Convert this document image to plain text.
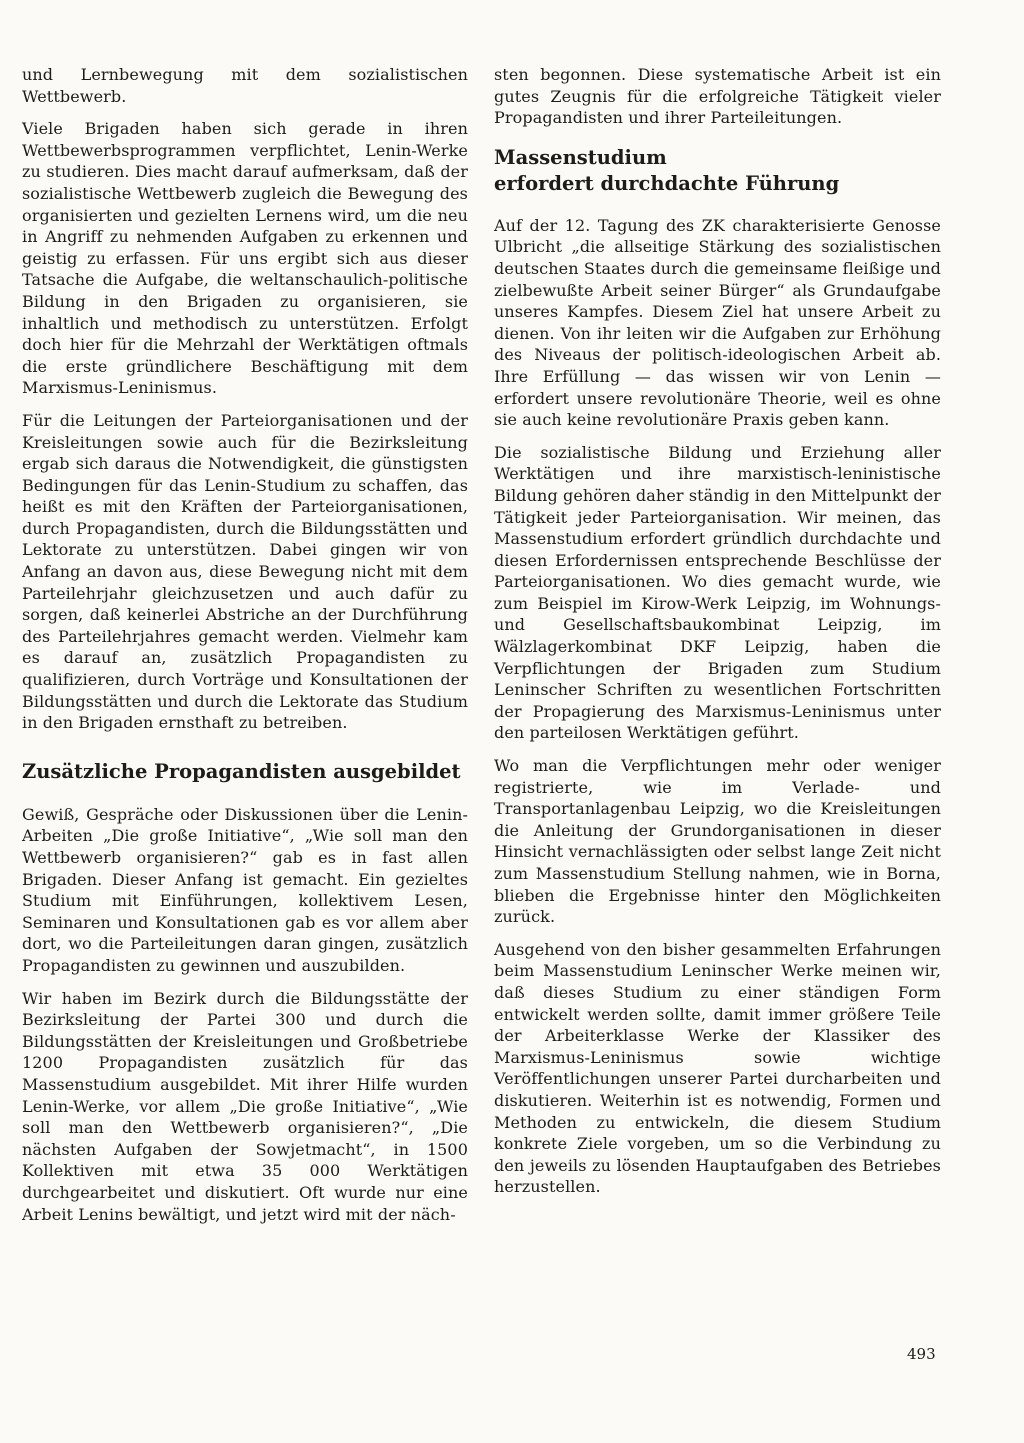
und Lernbewegung mit dem sozialistischen Wettbewerb.

Viele Brigaden haben sich gerade in ihren Wettbewerbsprogrammen verpflichtet, Lenin-Werke zu studieren. Dies macht darauf aufmerksam, daß der sozialistische Wettbewerb zugleich die Bewegung des organisierten und gezielten Lernens wird, um die neu in Angriff zu nehmenden Aufgaben zu erkennen und geistig zu erfassen. Für uns ergibt sich aus dieser Tatsache die Aufgabe, die weltanschaulich-politische Bildung in den Brigaden zu organisieren, sie inhaltlich und methodisch zu unterstützen. Erfolgt doch hier für die Mehrzahl der Werktätigen oftmals die erste gründlichere Beschäftigung mit dem Marxismus-Leninismus.

Für die Leitungen der Parteiorganisationen und der Kreisleitungen sowie auch für die Bezirksleitung ergab sich daraus die Notwendigkeit, die günstigsten Bedingungen für das Lenin-Studium zu schaffen, das heißt es mit den Kräften der Parteiorganisationen, durch Propagandisten, durch die Bildungsstätten und Lektorate zu unterstützen. Dabei gingen wir von Anfang an davon aus, diese Bewegung nicht mit dem Parteilehrjahr gleichzusetzen und auch dafür zu sorgen, daß keinerlei Abstriche an der Durchführung des Parteilehrjahres gemacht werden. Vielmehr kam es darauf an, zusätzlich Propagandisten zu qualifizieren, durch Vorträge und Konsultationen der Bildungsstätten und durch die Lektorate das Studium in den Brigaden ernsthaft zu betreiben.

Zusätzliche Propagandisten ausgebildet

Gewiß, Gespräche oder Diskussionen über die Lenin-Arbeiten „Die große Initiative“, „Wie soll man den Wettbewerb organisieren?“ gab es in fast allen Brigaden. Dieser Anfang ist gemacht. Ein gezieltes Studium mit Einführungen, kollektivem Lesen, Seminaren und Konsultationen gab es vor allem aber dort, wo die Parteileitungen daran gingen, zusätzlich Propagandisten zu gewinnen und auszubilden.

Wir haben im Bezirk durch die Bildungsstätte der Bezirksleitung der Partei 300 und durch die Bildungsstätten der Kreisleitungen und Großbetriebe 1200 Propagandisten zusätzlich für das Massenstudium ausgebildet. Mit ihrer Hilfe wurden Lenin-Werke, vor allem „Die große Initiative“, „Wie soll man den Wettbewerb organisieren?“, „Die nächsten Aufgaben der Sowjetmacht“, in 1500 Kollektiven mit etwa 35 000 Werktätigen durchgearbeitet und diskutiert. Oft wurde nur eine Arbeit Lenins bewältigt, und jetzt wird mit der näch-

sten begonnen. Diese systematische Arbeit ist ein gutes Zeugnis für die erfolgreiche Tätigkeit vieler Propagandisten und ihrer Parteileitungen.

Massenstudium
erfordert durchdachte Führung

Auf der 12. Tagung des ZK charakterisierte Genosse Ulbricht „die allseitige Stärkung des sozialistischen deutschen Staates durch die gemeinsame fleißige und zielbewußte Arbeit seiner Bürger“ als Grundaufgabe unseres Kampfes. Diesem Ziel hat unsere Arbeit zu dienen. Von ihr leiten wir die Aufgaben zur Erhöhung des Niveaus der politisch-ideologischen Arbeit ab. Ihre Erfüllung — das wissen wir von Lenin — erfordert unsere revolutionäre Theorie, weil es ohne sie auch keine revolutionäre Praxis geben kann.

Die sozialistische Bildung und Erziehung aller Werktätigen und ihre marxistisch-leninistische Bildung gehören daher ständig in den Mittelpunkt der Tätigkeit jeder Parteiorganisation. Wir meinen, das Massenstudium erfordert gründlich durchdachte und diesen Erfordernissen entsprechende Beschlüsse der Parteiorganisationen. Wo dies gemacht wurde, wie zum Beispiel im Kirow-Werk Leipzig, im Wohnungs- und Gesellschaftsbaukombinat Leipzig, im Wälzlagerkombinat DKF Leipzig, haben die Verpflichtungen der Brigaden zum Studium Leninscher Schriften zu wesentlichen Fortschritten der Propagierung des Marxismus-Leninismus unter den parteilosen Werktätigen geführt.

Wo man die Verpflichtungen mehr oder weniger registrierte, wie im Verlade- und Transportanlagenbau Leipzig, wo die Kreisleitungen die Anleitung der Grundorganisationen in dieser Hinsicht vernachlässigten oder selbst lange Zeit nicht zum Massenstudium Stellung nahmen, wie in Borna, blieben die Ergebnisse hinter den Möglichkeiten zurück.

Ausgehend von den bisher gesammelten Erfahrungen beim Massenstudium Leninscher Werke meinen wir, daß dieses Studium zu einer ständigen Form entwickelt werden sollte, damit immer größere Teile der Arbeiterklasse Werke der Klassiker des Marxismus-Leninismus sowie wichtige Veröffentlichungen unserer Partei durcharbeiten und diskutieren. Weiterhin ist es notwendig, Formen und Methoden zu entwickeln, die diesem Studium konkrete Ziele vorgeben, um so die Verbindung zu den jeweils zu lösenden Hauptaufgaben des Betriebes herzustellen.

493
